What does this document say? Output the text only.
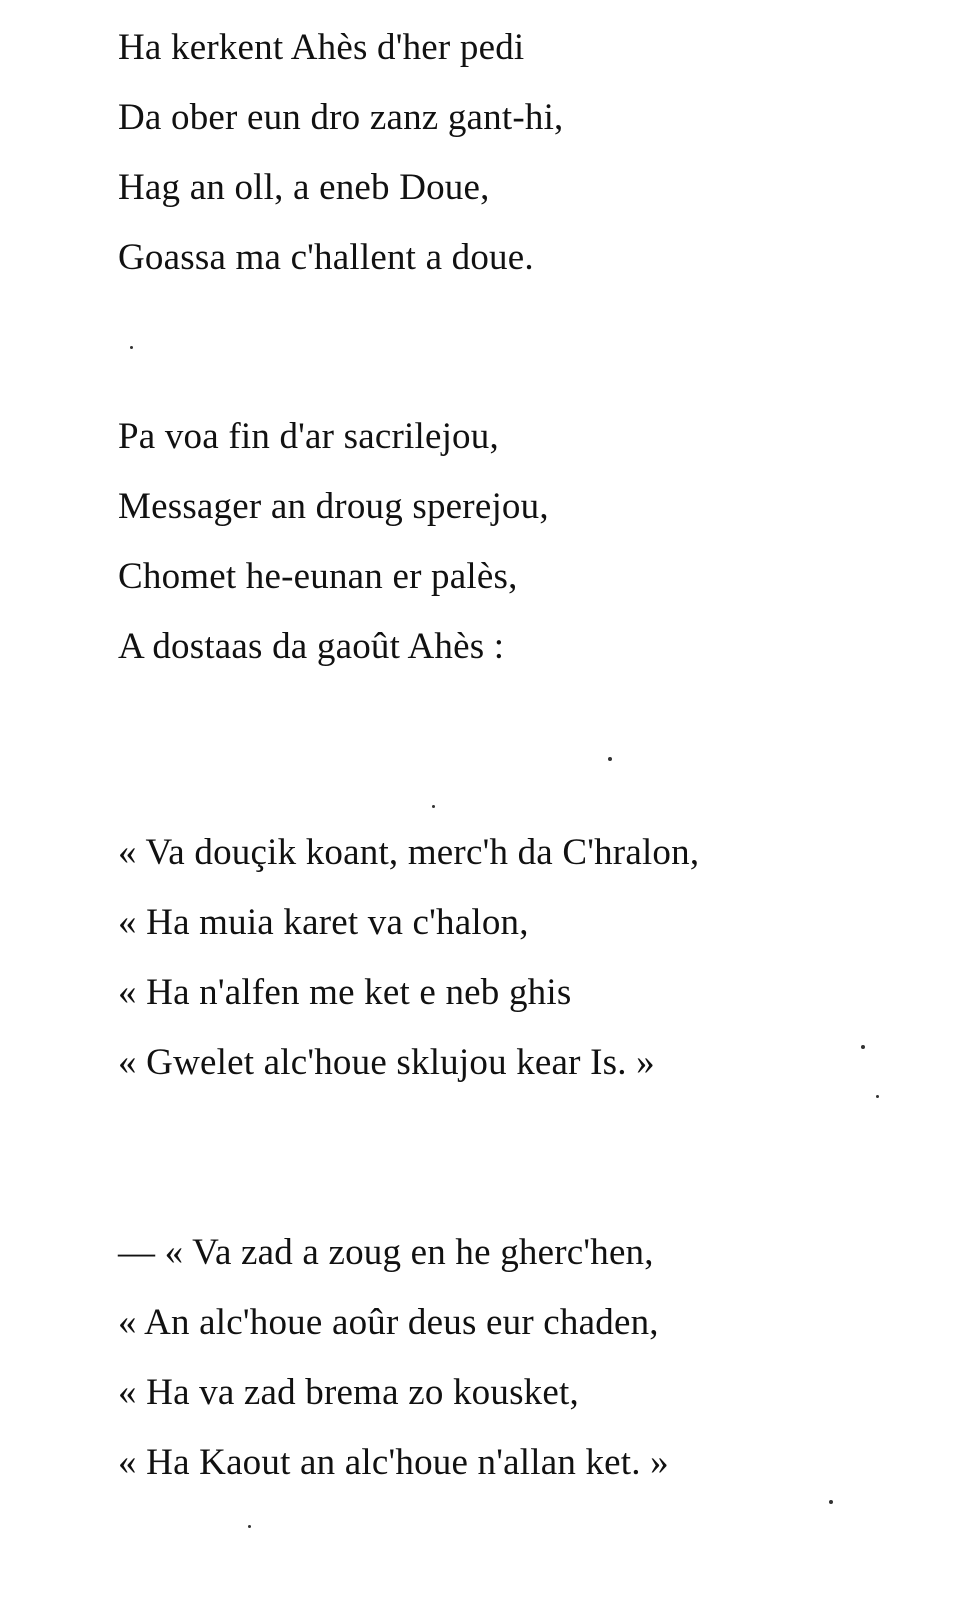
Ha kerkent Ahès d'her pedi
Da ober eun dro zanz gant-hi,
Hag an oll, a eneb Doue,
Goassa ma c'hallent a doue.
Pa voa fin d'ar sacrilejou,
Messager an droug sperejou,
Chomet he-eunan er palès,
A dostaas da gaoût Ahès :
« Va douçik koant, merc'h da C'hralon,
« Ha muia karet va c'halon,
« Ha n'alfen me ket e neb ghis
« Gwelet alc'houe sklujou kear Is. »
— « Va zad a zoug en he gherc'hen,
« An alc'houe aoûr deus eur chaden,
« Ha va zad brema zo kousket,
« Ha Kaout an alc'houe n'allan ket. »
